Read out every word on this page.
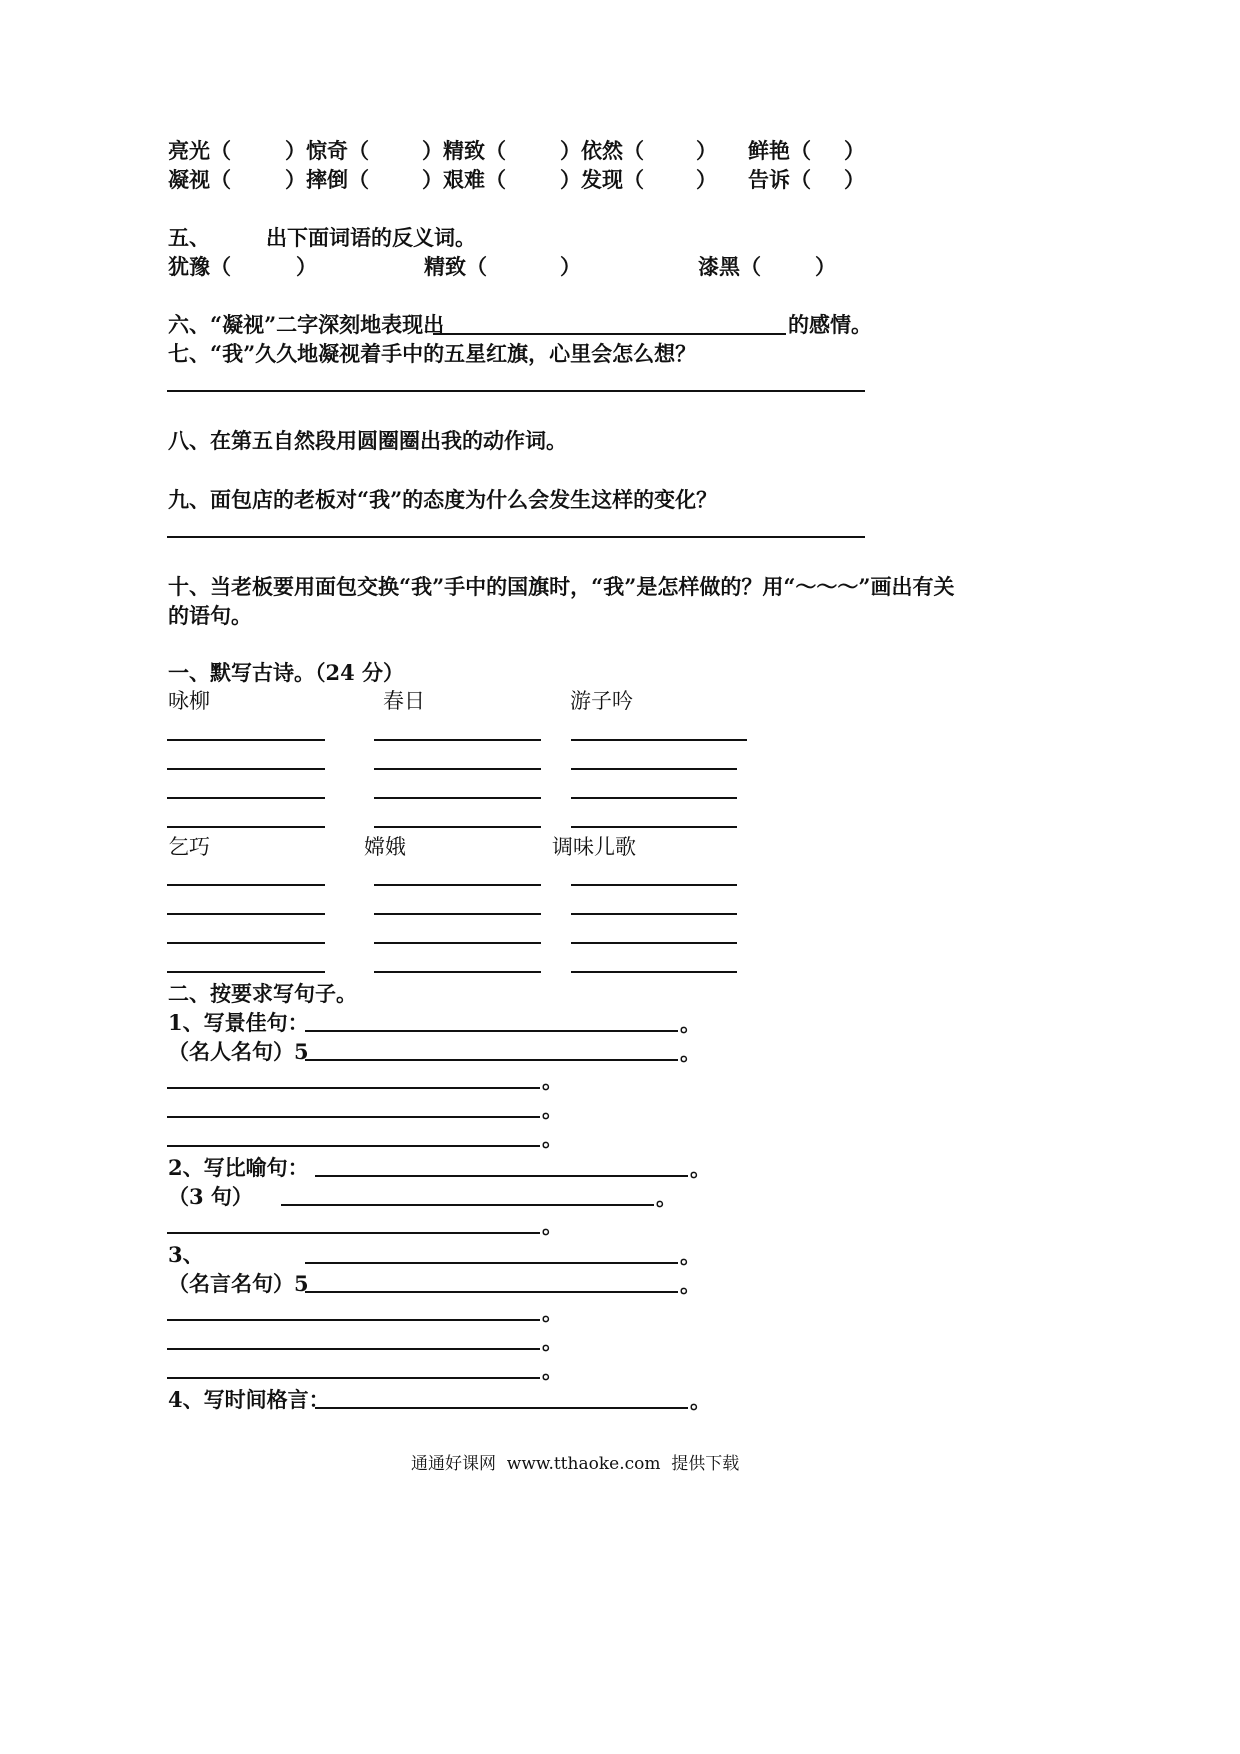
亮光（	）惊奇（	）精致（	）依然（ ） 鲜艳（ ）
凝视（	）摔倒（	）艰难（	）发现（ ） 告诉（ ）
五、	出下面词语的反义词。
犹豫（	）	精致（	）	漆黑（	）
六、“凝视”二字深刻地表现出	的感情。
七、“我”久久地凝视着手中的五星红旗，心里会怎么想？
八、在第五自然段用圆圈圈出我的动作词。
九、面包店的老板对“我”的态度为什么会发生这样的变化？
十、当老板要用面包交换“我”手中的国旗时，“我”是怎样做的？用“～～～”画出有关
的语句。
一、默写古诗。（24 分）
咏柳	春日	游子吟
乞巧	嫦娥	调味儿歌
二、按要求写句子。
1、写景佳句：	。
（名人名句）5	。
。
。
。
2、写比喻句：	。
（3 句）	。
。
3、	。
（名言名句）5	。
。
。
。
4、写时间格言：	。
通通好课网  www.tthaoke.com  提供下载
